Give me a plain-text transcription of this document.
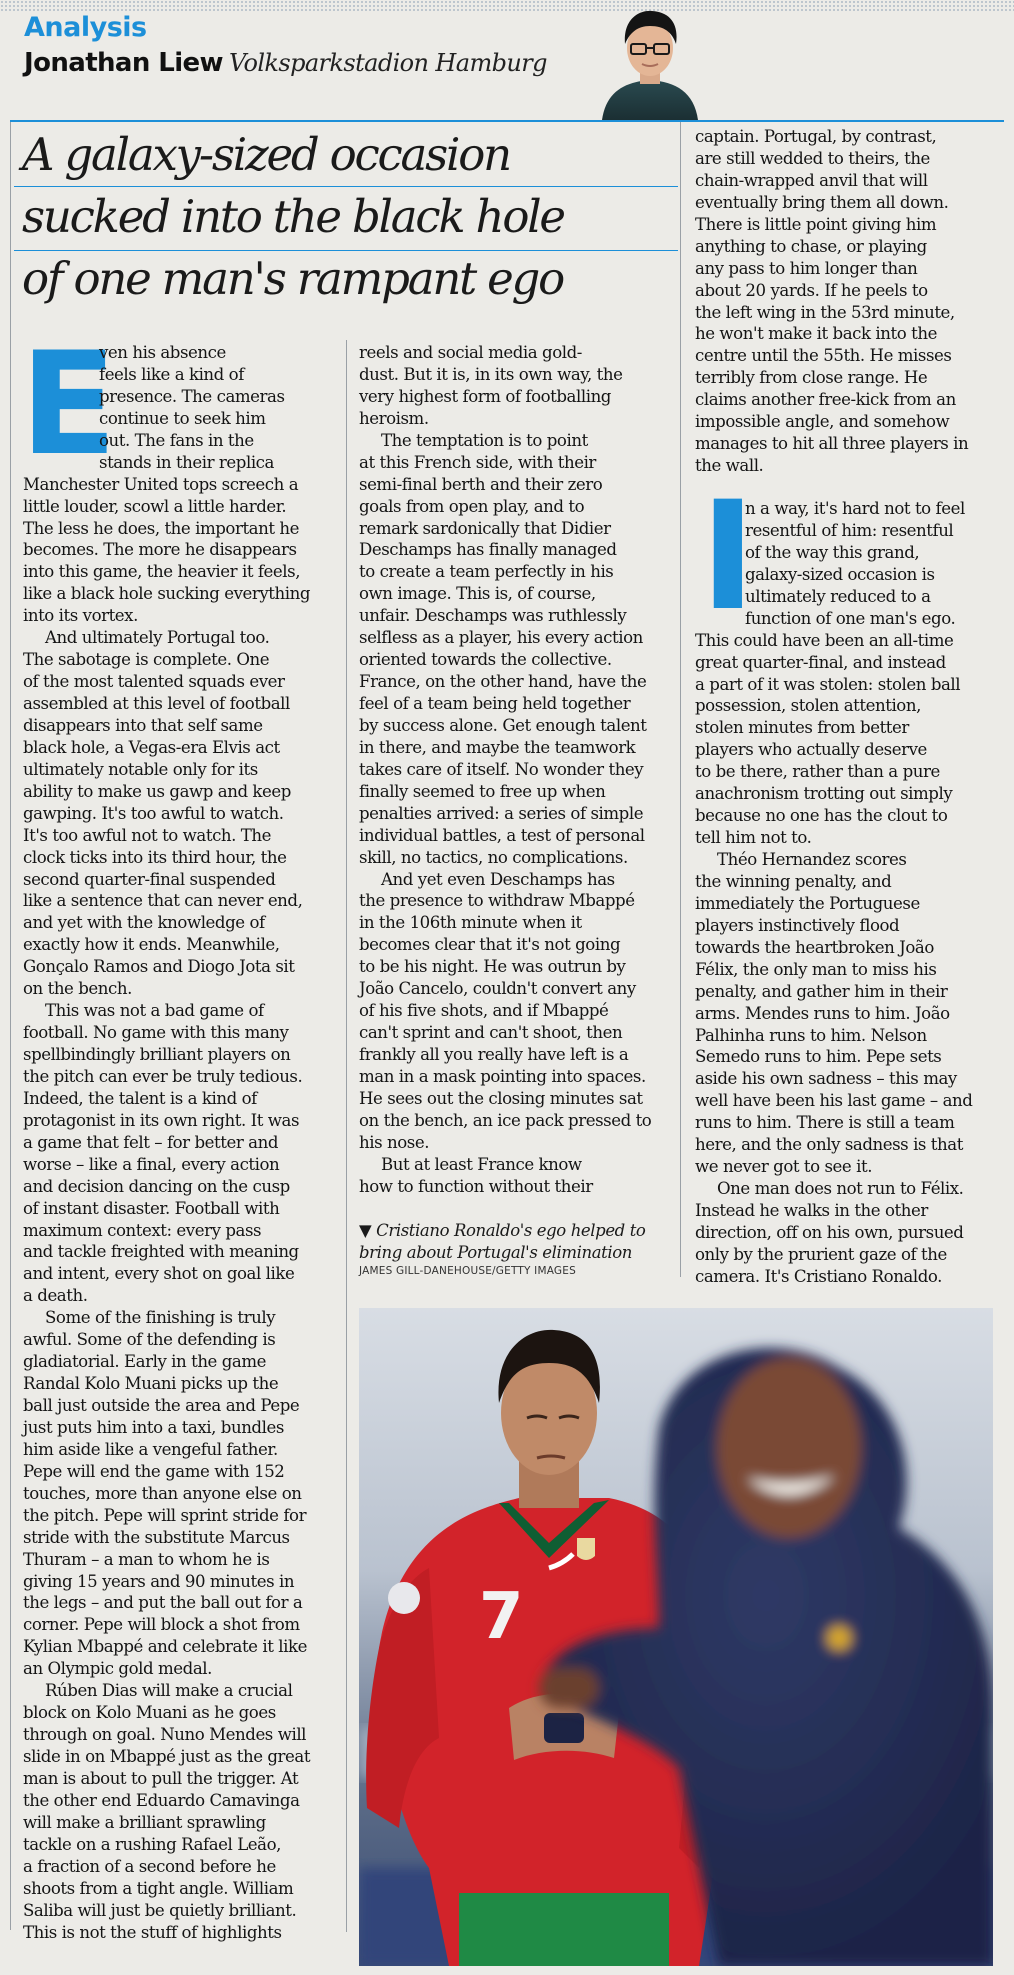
Analysis
Jonathan Liew Volksparkstadion Hamburg
A galaxy-sized occasion
sucked into the black hole
of one man's rampant ego
E
ven his absence
feels like a kind of
presence. The cameras
continue to seek him
out. The fans in the
stands in their replica
Manchester United tops screech a
little louder, scowl a little harder.
The less he does, the important he
becomes. The more he disappears
into this game, the heavier it feels,
like a black hole sucking everything
into its vortex.
And ultimately Portugal too.
The sabotage is complete. One
of the most talented squads ever
assembled at this level of football
disappears into that self same
black hole, a Vegas-era Elvis act
ultimately notable only for its
ability to make us gawp and keep
gawping. It's too awful to watch.
It's too awful not to watch. The
clock ticks into its third hour, the
second quarter-final suspended
like a sentence that can never end,
and yet with the knowledge of
exactly how it ends. Meanwhile,
Gonçalo Ramos and Diogo Jota sit
on the bench.
This was not a bad game of
football. No game with this many
spellbindingly brilliant players on
the pitch can ever be truly tedious.
Indeed, the talent is a kind of
protagonist in its own right. It was
a game that felt – for better and
worse – like a final, every action
and decision dancing on the cusp
of instant disaster. Football with
maximum context: every pass
and tackle freighted with meaning
and intent, every shot on goal like
a death.
Some of the finishing is truly
awful. Some of the defending is
gladiatorial. Early in the game
Randal Kolo Muani picks up the
ball just outside the area and Pepe
just puts him into a taxi, bundles
him aside like a vengeful father.
Pepe will end the game with 152
touches, more than anyone else on
the pitch. Pepe will sprint stride for
stride with the substitute Marcus
Thuram – a man to whom he is
giving 15 years and 90 minutes in
the legs – and put the ball out for a
corner. Pepe will block a shot from
Kylian Mbappé and celebrate it like
an Olympic gold medal.
Rúben Dias will make a crucial
block on Kolo Muani as he goes
through on goal. Nuno Mendes will
slide in on Mbappé just as the great
man is about to pull the trigger. At
the other end Eduardo Camavinga
will make a brilliant sprawling
tackle on a rushing Rafael Leão,
a fraction of a second before he
shoots from a tight angle. William
Saliba will just be quietly brilliant.
This is not the stuff of highlights
reels and social media gold-
dust. But it is, in its own way, the
very highest form of footballing
heroism.
The temptation is to point
at this French side, with their
semi-final berth and their zero
goals from open play, and to
remark sardonically that Didier
Deschamps has finally managed
to create a team perfectly in his
own image. This is, of course,
unfair. Deschamps was ruthlessly
selfless as a player, his every action
oriented towards the collective.
France, on the other hand, have the
feel of a team being held together
by success alone. Get enough talent
in there, and maybe the teamwork
takes care of itself. No wonder they
finally seemed to free up when
penalties arrived: a series of simple
individual battles, a test of personal
skill, no tactics, no complications.
And yet even Deschamps has
the presence to withdraw Mbappé
in the 106th minute when it
becomes clear that it's not going
to be his night. He was outrun by
João Cancelo, couldn't convert any
of his five shots, and if Mbappé
can't sprint and can't shoot, then
frankly all you really have left is a
man in a mask pointing into spaces.
He sees out the closing minutes sat
on the bench, an ice pack pressed to
his nose.
But at least France know
how to function without their
▼ Cristiano Ronaldo's ego helped to
bring about Portugal's elimination
JAMES GILL-DANEHOUSE/GETTY IMAGES
captain. Portugal, by contrast,
are still wedded to theirs, the
chain-wrapped anvil that will
eventually bring them all down.
There is little point giving him
anything to chase, or playing
any pass to him longer than
about 20 yards. If he peels to
the left wing in the 53rd minute,
he won't make it back into the
centre until the 55th. He misses
terribly from close range. He
claims another free-kick from an
impossible angle, and somehow
manages to hit all three players in
the wall.
I
n a way, it's hard not to feel
resentful of him: resentful
of the way this grand,
galaxy-sized occasion is
ultimately reduced to a
function of one man's ego.
This could have been an all-time
great quarter-final, and instead
a part of it was stolen: stolen ball
possession, stolen attention,
stolen minutes from better
players who actually deserve
to be there, rather than a pure
anachronism trotting out simply
because no one has the clout to
tell him not to.
Théo Hernandez scores
the winning penalty, and
immediately the Portuguese
players instinctively flood
towards the heartbroken João
Félix, the only man to miss his
penalty, and gather him in their
arms. Mendes runs to him. João
Palhinha runs to him. Nelson
Semedo runs to him. Pepe sets
aside his own sadness – this may
well have been his last game – and
runs to him. There is still a team
here, and the only sadness is that
we never got to see it.
One man does not run to Félix.
Instead he walks in the other
direction, off on his own, pursued
only by the prurient gaze of the
camera. It's Cristiano Ronaldo.
7
